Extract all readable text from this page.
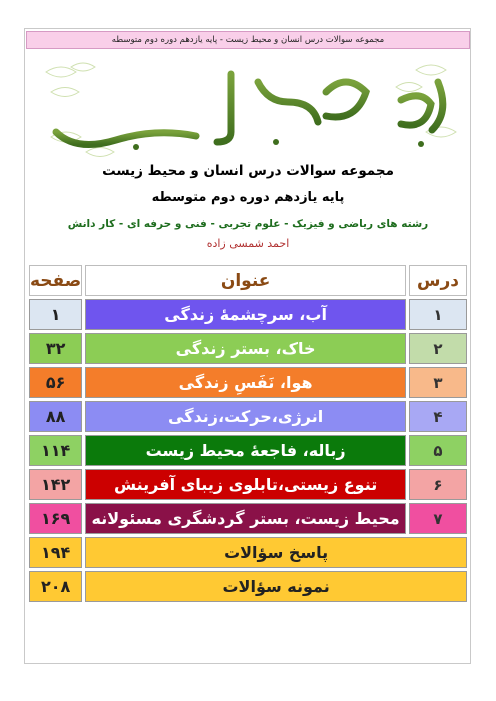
مجموعه سوالات درس انسان و محیط زیست - پایه یازدهم دوره دوم متوسطه
بسم الله الرحمن الرحیم
مجموعه سوالات درس انسان و محیط زیست
پایه یازدهم دوره دوم متوسطه
رشته های ریاضی و فیزیک - علوم تجربی - فنی و حرفه ای - کار دانش
احمد شمسی زاده
صفحه	عنوان	درس
۱	آب، سرچشمهٔ زندگی	۱
۳۲	خاک، بستر زندگی	۲
۵۶	هوا، نَفَسِ زندگی	۳
۸۸	انرژی،حرکت،زندگی	۴
۱۱۴	زباله، فاجعهٔ محیط زیست	۵
۱۴۲	تنوع زیستی،تابلوی زیبای آفرینش	۶
۱۶۹	محیط زیست، بستر گردشگری مسئولانه	۷
۱۹۴	پاسخ سؤالات	
۲۰۸	نمونه سؤالات	
